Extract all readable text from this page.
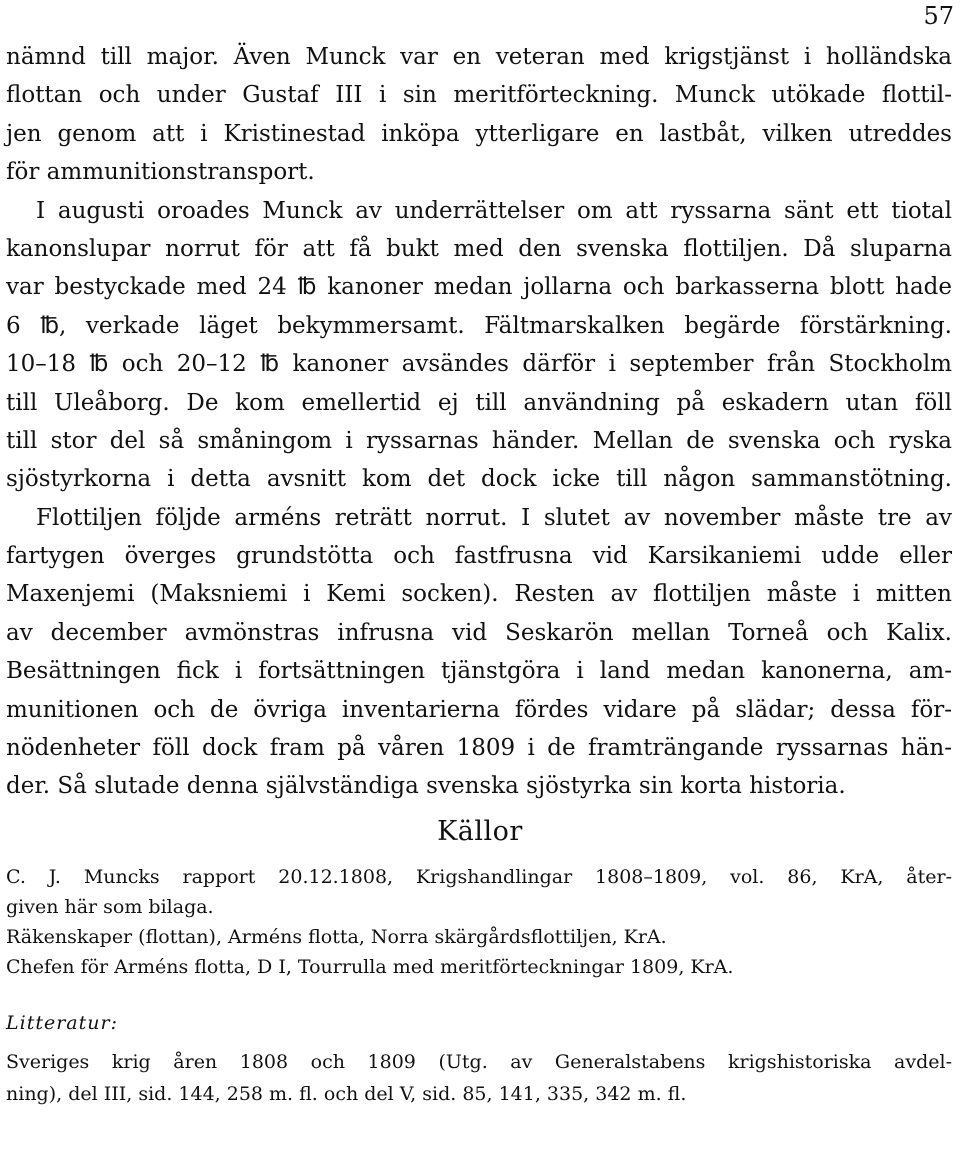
57
nämnd till major. Även Munck var en veteran med krigstjänst i holländska
flottan och under Gustaf III i sin meritförteckning. Munck utökade flottil-
jen genom att i Kristinestad inköpa ytterligare en lastbåt, vilken utreddes
för ammunitionstransport.
I augusti oroades Munck av underrättelser om att ryssarna sänt ett tiotal
kanonslupar norrut för att få bukt med den svenska flottiljen. Då sluparna
var bestyckade med 24 ℔ kanoner medan jollarna och barkasserna blott hade
6 ℔, verkade läget bekymmersamt. Fältmarskalken begärde förstärkning.
10–18 ℔ och 20–12 ℔ kanoner avsändes därför i september från Stockholm
till Uleåborg. De kom emellertid ej till användning på eskadern utan föll
till stor del så småningom i ryssarnas händer. Mellan de svenska och ryska
sjöstyrkorna i detta avsnitt kom det dock icke till någon sammanstötning.
Flottiljen följde arméns reträtt norrut. I slutet av november måste tre av
fartygen överges grundstötta och fastfrusna vid Karsikaniemi udde eller
Maxenjemi (Maksniemi i Kemi socken). Resten av flottiljen måste i mitten
av december avmönstras infrusna vid Seskarön mellan Torneå och Kalix.
Besättningen fick i fortsättningen tjänstgöra i land medan kanonerna, am-
munitionen och de övriga inventarierna fördes vidare på slädar; dessa för-
nödenheter föll dock fram på våren 1809 i de framträngande ryssarnas hän-
der. Så slutade denna självständiga svenska sjöstyrka sin korta historia.
Källor
C. J. Muncks rapport 20.12.1808, Krigshandlingar 1808–1809, vol. 86, KrA, åter-
given här som bilaga.
Räkenskaper (flottan), Arméns flotta, Norra skärgårdsflottiljen, KrA.
Chefen för Arméns flotta, D I, Tourrulla med meritförteckningar 1809, KrA.
Litteratur:
Sveriges krig åren 1808 och 1809 (Utg. av Generalstabens krigshistoriska avdel-
ning), del III, sid. 144, 258 m. fl. och del V, sid. 85, 141, 335, 342 m. fl.
